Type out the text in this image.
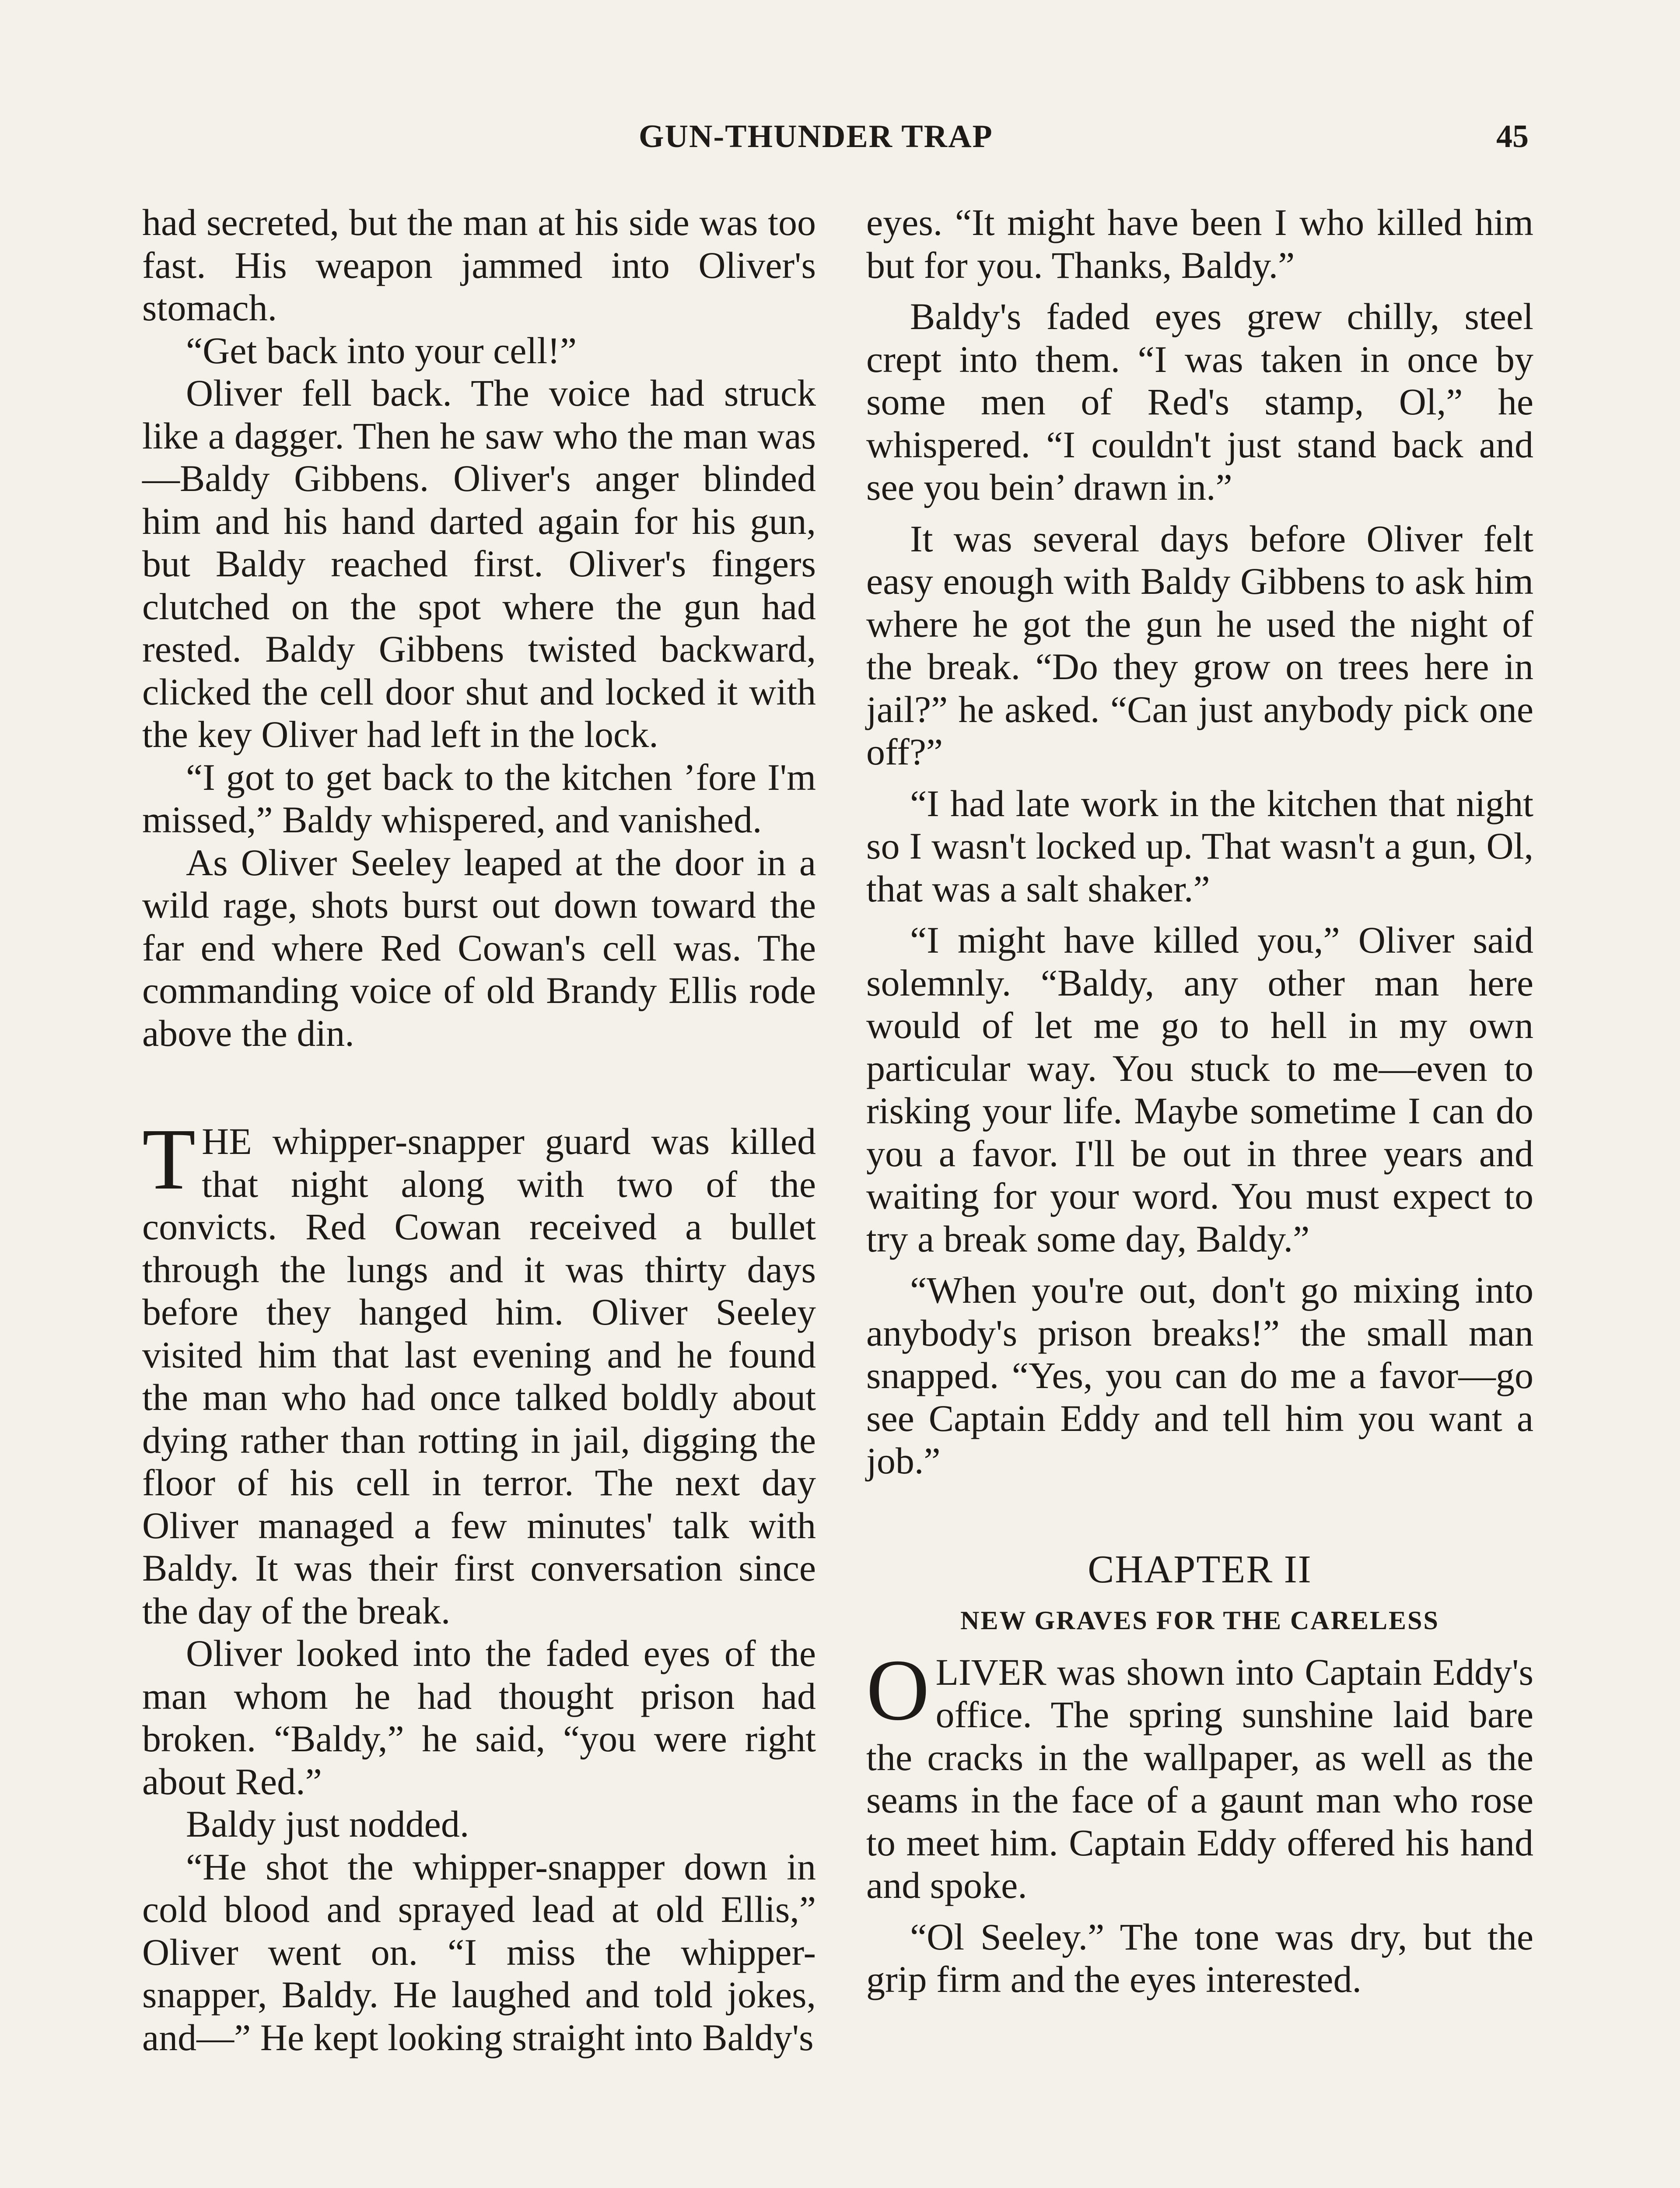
GUN-THUNDER TRAP	45

had secreted, but the man at his side was too fast. His weapon jammed into Oliver's stomach.

“Get back into your cell!”

Oliver fell back. The voice had struck like a dagger. Then he saw who the man was—Baldy Gibbens. Oliver's anger blinded him and his hand darted again for his gun, but Baldy reached first. Oliver's fingers clutched on the spot where the gun had rested. Baldy Gibbens twisted backward, clicked the cell door shut and locked it with the key Oliver had left in the lock.

“I got to get back to the kitchen ’fore I'm missed,” Baldy whispered, and vanished.

As Oliver Seeley leaped at the door in a wild rage, shots burst out down toward the far end where Red Cowan's cell was. The commanding voice of old Brandy Ellis rode above the din.

THE whipper-snapper guard was killed that night along with two of the convicts. Red Cowan received a bullet through the lungs and it was thirty days before they hanged him. Oliver Seeley visited him that last evening and he found the man who had once talked boldly about dying rather than rotting in jail, digging the floor of his cell in terror. The next day Oliver managed a few minutes' talk with Baldy. It was their first conversation since the day of the break.

Oliver looked into the faded eyes of the man whom he had thought prison had broken. “Baldy,” he said, “you were right about Red.”

Baldy just nodded.

“He shot the whipper-snapper down in cold blood and sprayed lead at old Ellis,” Oliver went on. “I miss the whipper-snapper, Baldy. He laughed and told jokes, and—” He kept looking straight into Baldy's

eyes. “It might have been I who killed him but for you. Thanks, Baldy.”

Baldy's faded eyes grew chilly, steel crept into them. “I was taken in once by some men of Red's stamp, Ol,” he whispered. “I couldn't just stand back and see you bein’ drawn in.”

It was several days before Oliver felt easy enough with Baldy Gibbens to ask him where he got the gun he used the night of the break. “Do they grow on trees here in jail?” he asked. “Can just anybody pick one off?”

“I had late work in the kitchen that night so I wasn't locked up. That wasn't a gun, Ol, that was a salt shaker.”

“I might have killed you,” Oliver said solemnly. “Baldy, any other man here would of let me go to hell in my own particular way. You stuck to me—even to risking your life. Maybe sometime I can do you a favor. I'll be out in three years and waiting for your word. You must expect to try a break some day, Baldy.”

“When you're out, don't go mixing into anybody's prison breaks!” the small man snapped. “Yes, you can do me a favor—go see Captain Eddy and tell him you want a job.”

CHAPTER II
NEW GRAVES FOR THE CARELESS

OLIVER was shown into Captain Eddy's office. The spring sunshine laid bare the cracks in the wallpaper, as well as the seams in the face of a gaunt man who rose to meet him. Captain Eddy offered his hand and spoke.

“Ol Seeley.” The tone was dry, but the grip firm and the eyes interested.
